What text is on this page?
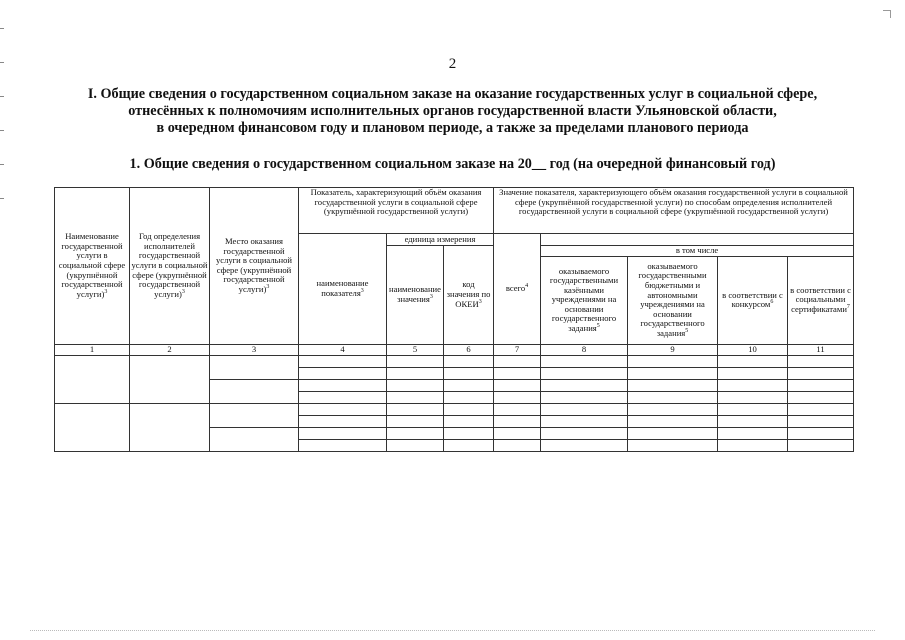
2
I. Общие сведения о государственном социальном заказе на оказание государственных услуг в социальной сфере,
отнесённых к полномочиям исполнительных органов государственной власти Ульяновской области,
в очередном финансовом году и плановом периоде, а также за пределами планового периода
1. Общие сведения о государственном социальном заказе на 20__ год (на очередной финансовый год)
Наименование государственной услуги в социальной сфере (укрупнённой государственной услуги)$^3$	Год определения исполнителей государственной услуги в социальной сфере (укрупнённой государственной услуги)$^3$	Место оказания государственной услуги в социальной сфере (укрупнённой государственной услуги)$^3$	Показатель, характеризующий объём оказания государственной услуги в социальной сфере (укрупнённой государственной услуги)			Значение показателя, характеризующего объём оказания государственной услуги в социальной сфере (укрупнённой государственной услуги) по способам определения исполнителей государственной услуги в социальной сфере (укрупнённой государственной услуги)				
			наименование показателя$^3$	единица измерения		всего$^4$	
				наименование значения$^3$	код значения по ОКЕИ$^3$		в том числе			
							оказываемого государственными казёнными учреждениями на основании государственного задания$^5$	оказываемого государственными бюджетными и автономными учреждениями на основании государственного задания$^5$	в соответствии с конкурсом$^6$	в соответствии с социальными сертификатами$^7$
1	2	3	4	5	6	7	8	9	10	11
